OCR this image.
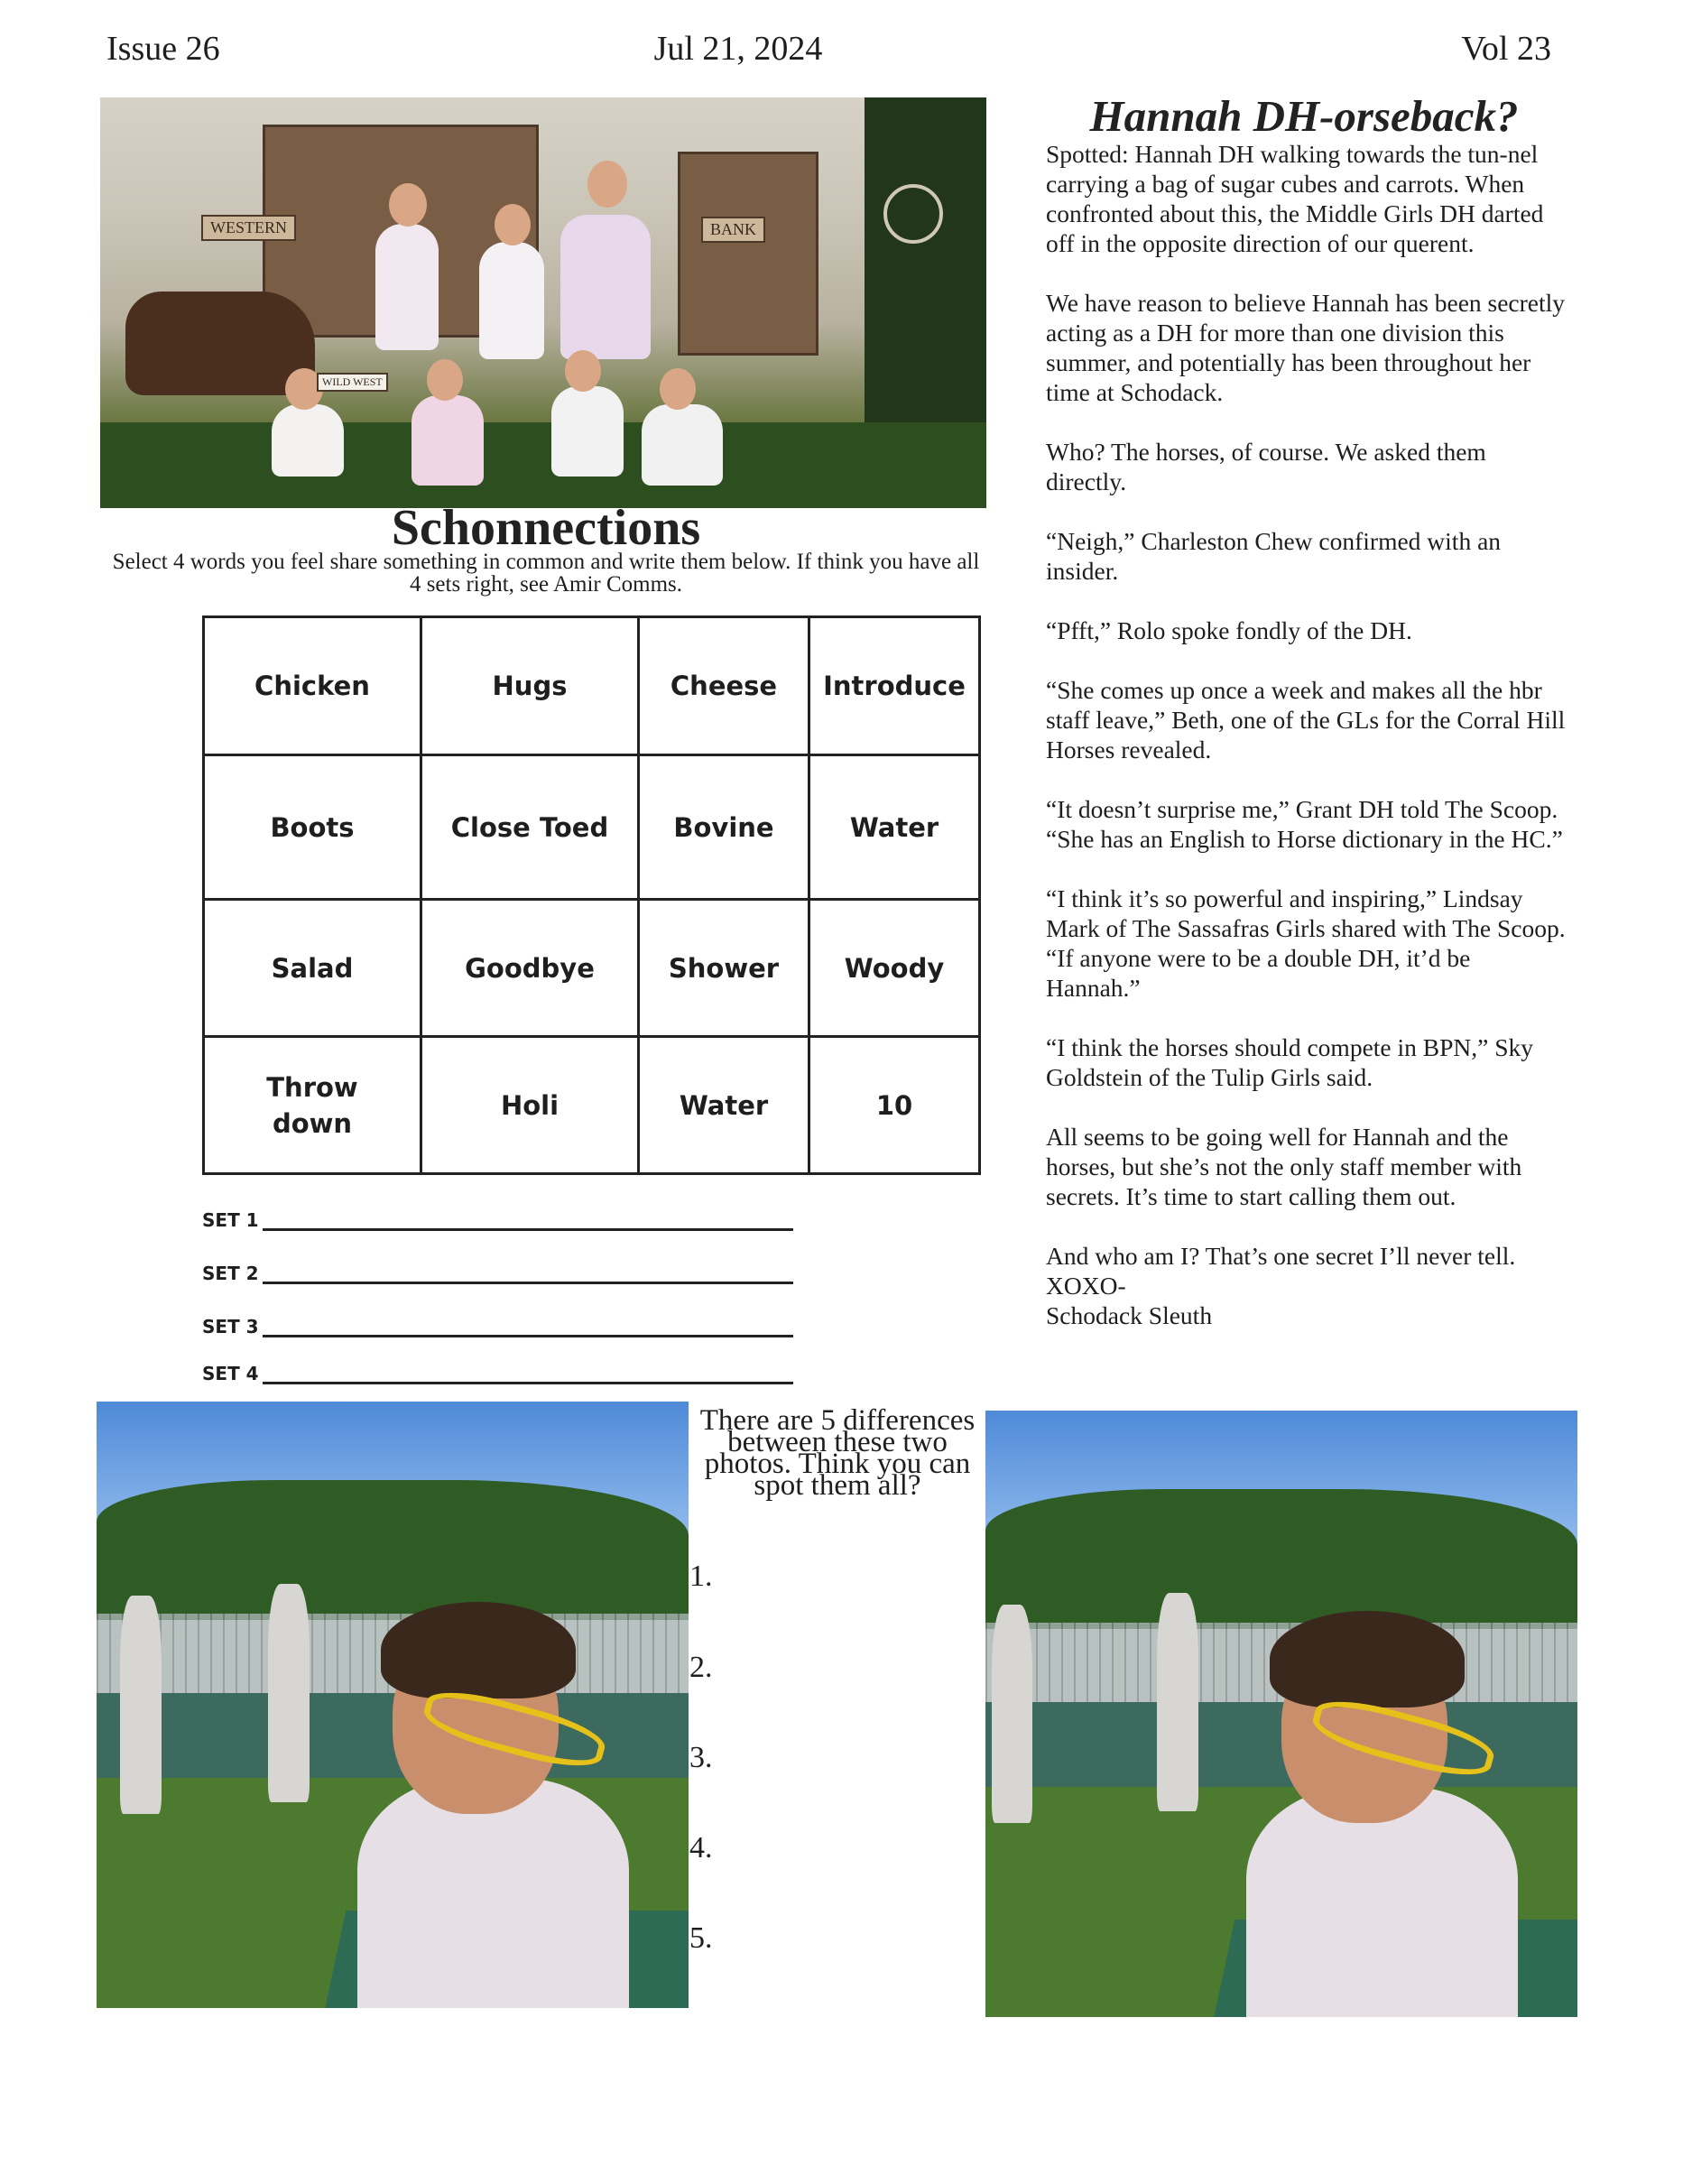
Issue 26	Jul 21, 2024	Vol 23
WESTERN	BANK
WILD WEST
Schonnections
Select 4 words you feel share something in common and write them below. If think you have all 4 sets right, see Amir Comms.
Chicken	Hugs	Cheese	Introduce
Boots	Close Toed	Bovine	Water
Salad	Goodbye	Shower	Woody
Throw down	Holi	Water	10
SET 1
SET 2
SET 3
SET 4
Hannah DH-orseback?

Spotted: Hannah DH walking towards the tun-nel carrying a bag of sugar cubes and carrots. When confronted about this, the Middle Girls DH darted off in the opposite direction of our querent.

We have reason to believe Hannah has been secretly acting as a DH for more than one division this summer, and potentially has been throughout her time at Schodack.

Who? The horses, of course. We asked them directly.

“Neigh,” Charleston Chew confirmed with an insider.

“Pfft,” Rolo spoke fondly of the DH.

“She comes up once a week and makes all the hbr staff leave,” Beth, one of the GLs for the Corral Hill Horses revealed.

“It doesn’t surprise me,” Grant DH told The Scoop. “She has an English to Horse dictionary in the HC.”

“I think it’s so powerful and inspiring,” Lindsay Mark of The Sassafras Girls shared with The Scoop. “If anyone were to be a double DH, it’d be Hannah.”

“I think the horses should compete in BPN,” Sky Goldstein of the Tulip Girls said.

All seems to be going well for Hannah and the horses, but she’s not the only staff member with secrets. It’s time to start calling them out.

And who am I? That’s one secret I’ll never tell.

XOXO-

Schodack Sleuth

There are 5 differences between these two photos. Think you can spot them all?
1.
2.
3.
4.
5.
